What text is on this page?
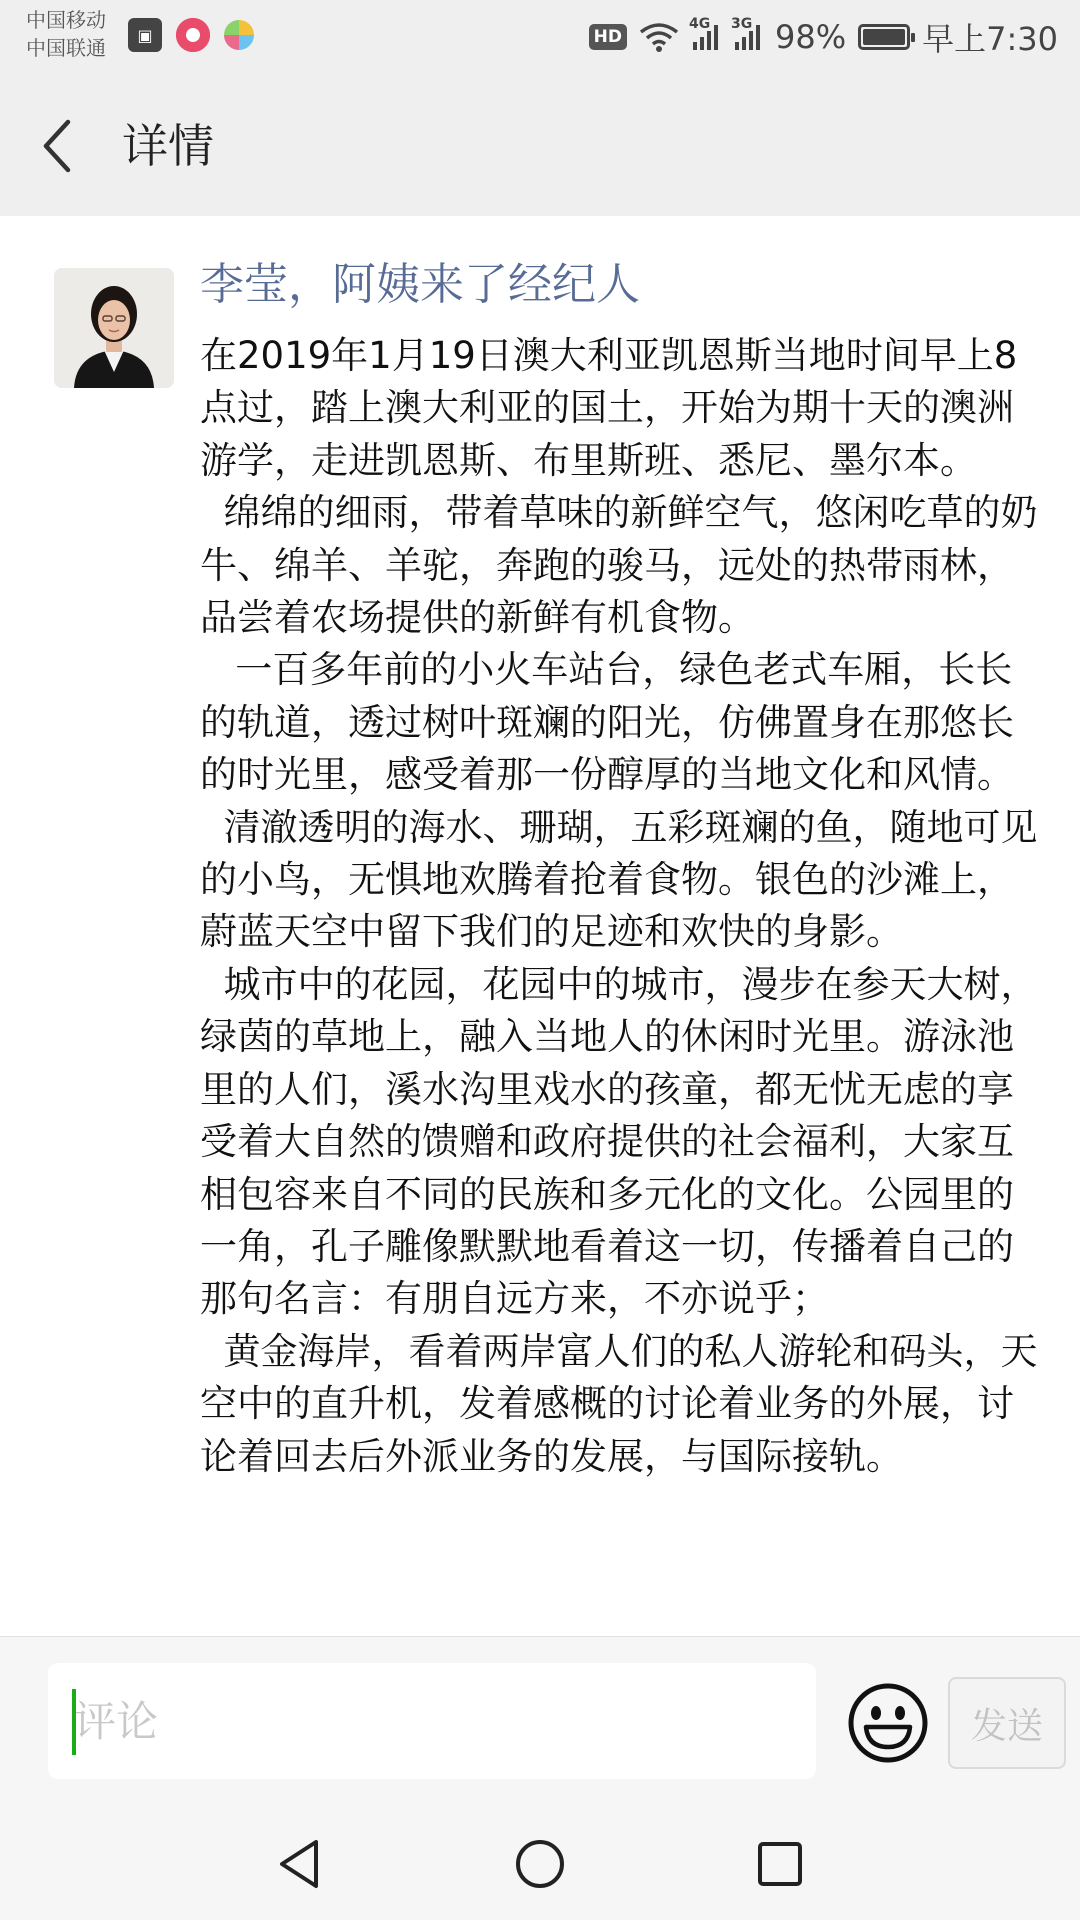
中国移动
中国联通
▣	HD
4G 3G 98% 早上7:30
详情
李莹，阿姨来了经纪人

在2019年1月19日澳大利亚凯恩斯当地时间早上8点过，踏上澳大利亚的国土，开始为期十天的澳洲游学，走进凯恩斯、布里斯班、悉尼、墨尔本。

绵绵的细雨，带着草味的新鲜空气，悠闲吃草的奶牛、绵羊、羊驼，奔跑的骏马，远处的热带雨林，品尝着农场提供的新鲜有机食物。

一百多年前的小火车站台，绿色老式车厢，长长的轨道，透过树叶斑斓的阳光，仿佛置身在那悠长的时光里，感受着那一份醇厚的当地文化和风情。

清澈透明的海水、珊瑚，五彩斑斓的鱼，随地可见的小鸟，无惧地欢腾着抢着食物。银色的沙滩上，蔚蓝天空中留下我们的足迹和欢快的身影。

城市中的花园，花园中的城市，漫步在参天大树，绿茵的草地上，融入当地人的休闲时光里。游泳池里的人们，溪水沟里戏水的孩童，都无忧无虑的享受着大自然的馈赠和政府提供的社会福利，大家互相包容来自不同的民族和多元化的文化。公园里的一角，孔子雕像默默地看着这一切，传播着自己的那句名言：有朋自远方来，不亦说乎；

黄金海岸，看着两岸富人们的私人游轮和码头，天空中的直升机，发着感概的讨论着业务的外展，讨论着回去后外派业务的发展，与国际接轨。

评论
发送
